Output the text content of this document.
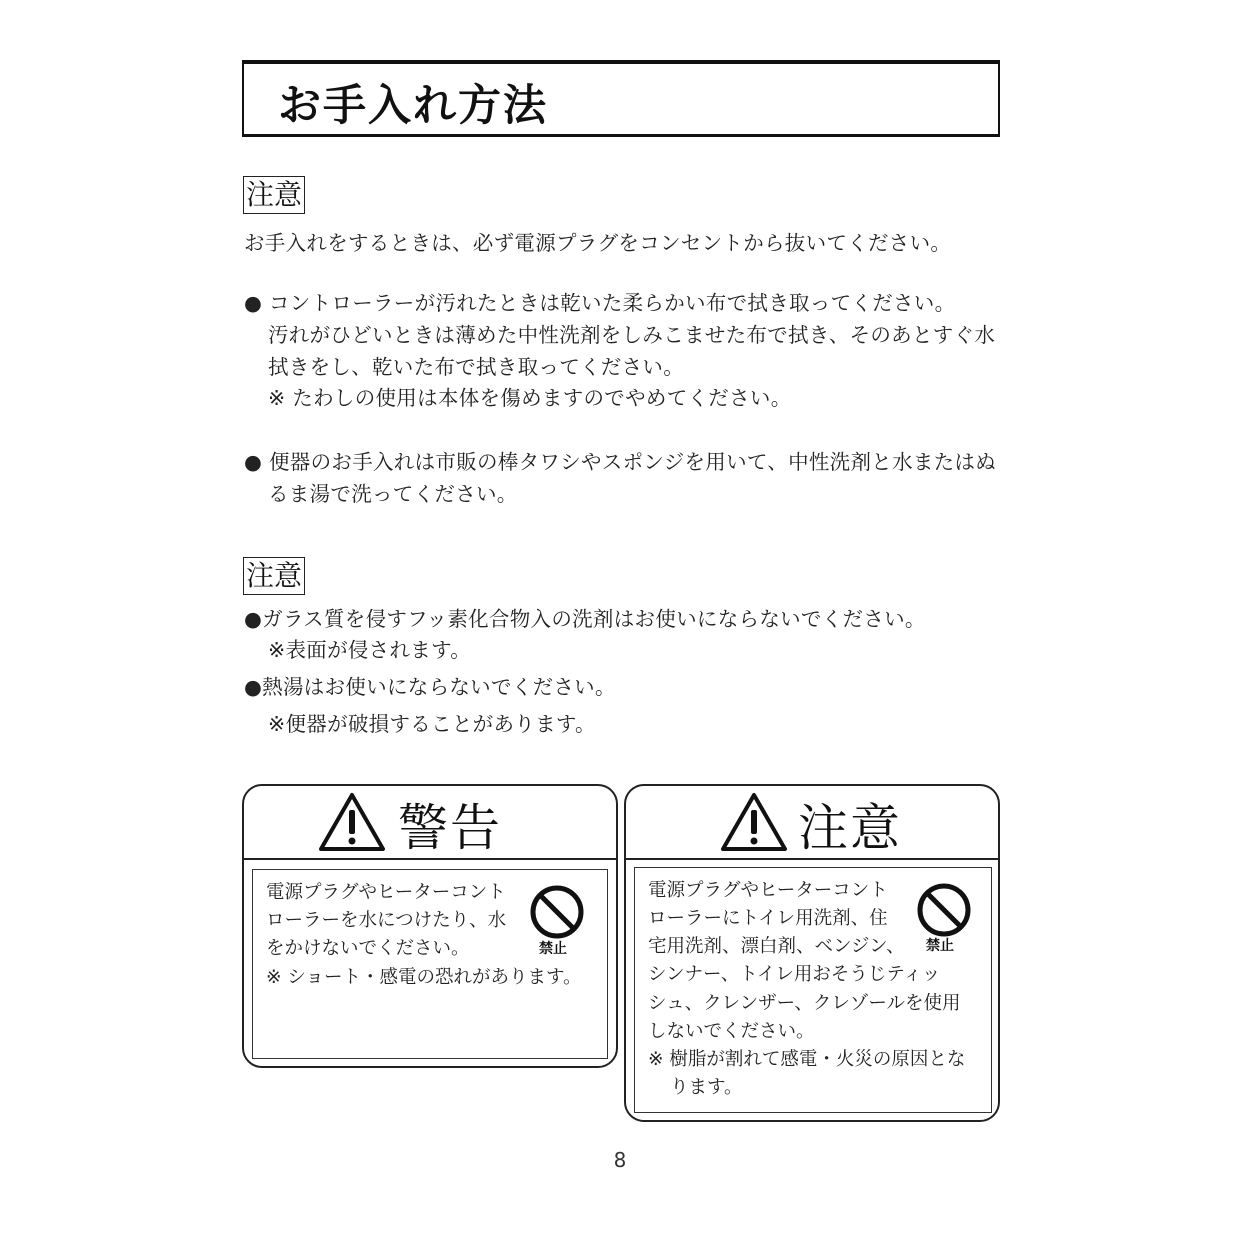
お手入れ方法
注意
お手入れをするときは、必ず電源プラグをコンセントから抜いてください。
● コントローラーが汚れたときは乾いた柔らかい布で拭き取ってください。
汚れがひどいときは薄めた中性洗剤をしみこませた布で拭き、そのあとすぐ水
拭きをし、乾いた布で拭き取ってください。
※ たわしの使用は本体を傷めますのでやめてください。
● 便器のお手入れは市販の棒タワシやスポンジを用いて、中性洗剤と水またはぬ
るま湯で洗ってください。
注意
●ガラス質を侵すフッ素化合物入の洗剤はお使いにならないでください。
※表面が侵されます。
●熱湯はお使いにならないでください。
※便器が破損することがあります。
警告
電源プラグやヒーターコント
ローラーを水につけたり、水
をかけないでください。
※ ショート・感電の恐れがあります。
禁止
注意
電源プラグやヒーターコント
ローラーにトイレ用洗剤、住
宅用洗剤、漂白剤、ベンジン、
シンナー、トイレ用おそうじティッ
シュ、クレンザー、クレゾールを使用
しないでください。
※ 樹脂が割れて感電・火災の原因とな
ります。
禁止
8
